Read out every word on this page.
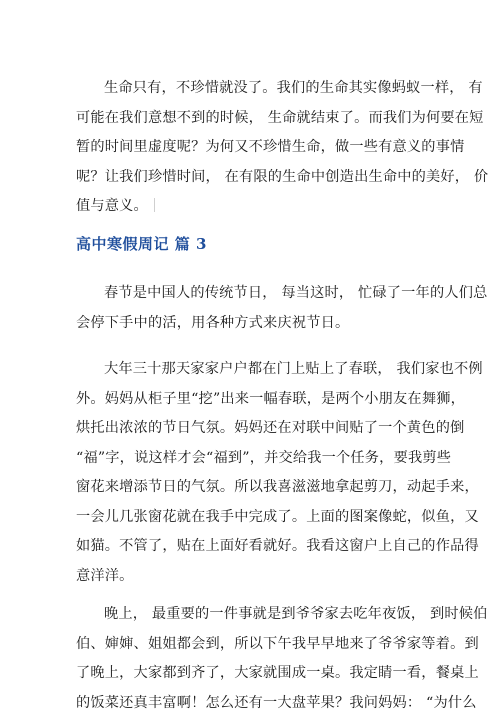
生命只有，不珍惜就没了。我们的生命其实像蚂蚁一样， 有
可能在我们意想不到的时候， 生命就结束了。而我们为何要在短
暂的时间里虚度呢？为何又不珍惜生命，做一些有意义的事情
呢？让我们珍惜时间， 在有限的生命中创造出生命中的美好， 价
值与意义。
高中寒假周记 篇 3
春节是中国人的传统节日， 每当这时， 忙碌了一年的人们总
会停下手中的活，用各种方式来庆祝节日。
大年三十那天家家户户都在门上贴上了春联， 我们家也不例
外。妈妈从柜子里“挖”出来一幅春联，是两个小朋友在舞狮，
烘托出浓浓的节日气氛。妈妈还在对联中间贴了一个黄色的倒
“福”字，说这样才会“福到”，并交给我一个任务，要我剪些
窗花来增添节日的气氛。所以我喜滋滋地拿起剪刀，动起手来，
一会儿几张窗花就在我手中完成了。上面的图案像蛇，似鱼，又
如猫。不管了，贴在上面好看就好。我看这窗户上自己的作品得
意洋洋。
晚上， 最重要的一件事就是到爷爷家去吃年夜饭， 到时候伯
伯、婶婶、姐姐都会到，所以下午我早早地来了爷爷家等着。到
了晚上，大家都到齐了，大家就围成一桌。我定睛一看，餐桌上
的饭菜还真丰富啊！怎么还有一大盘苹果？我问妈妈： “为什么
